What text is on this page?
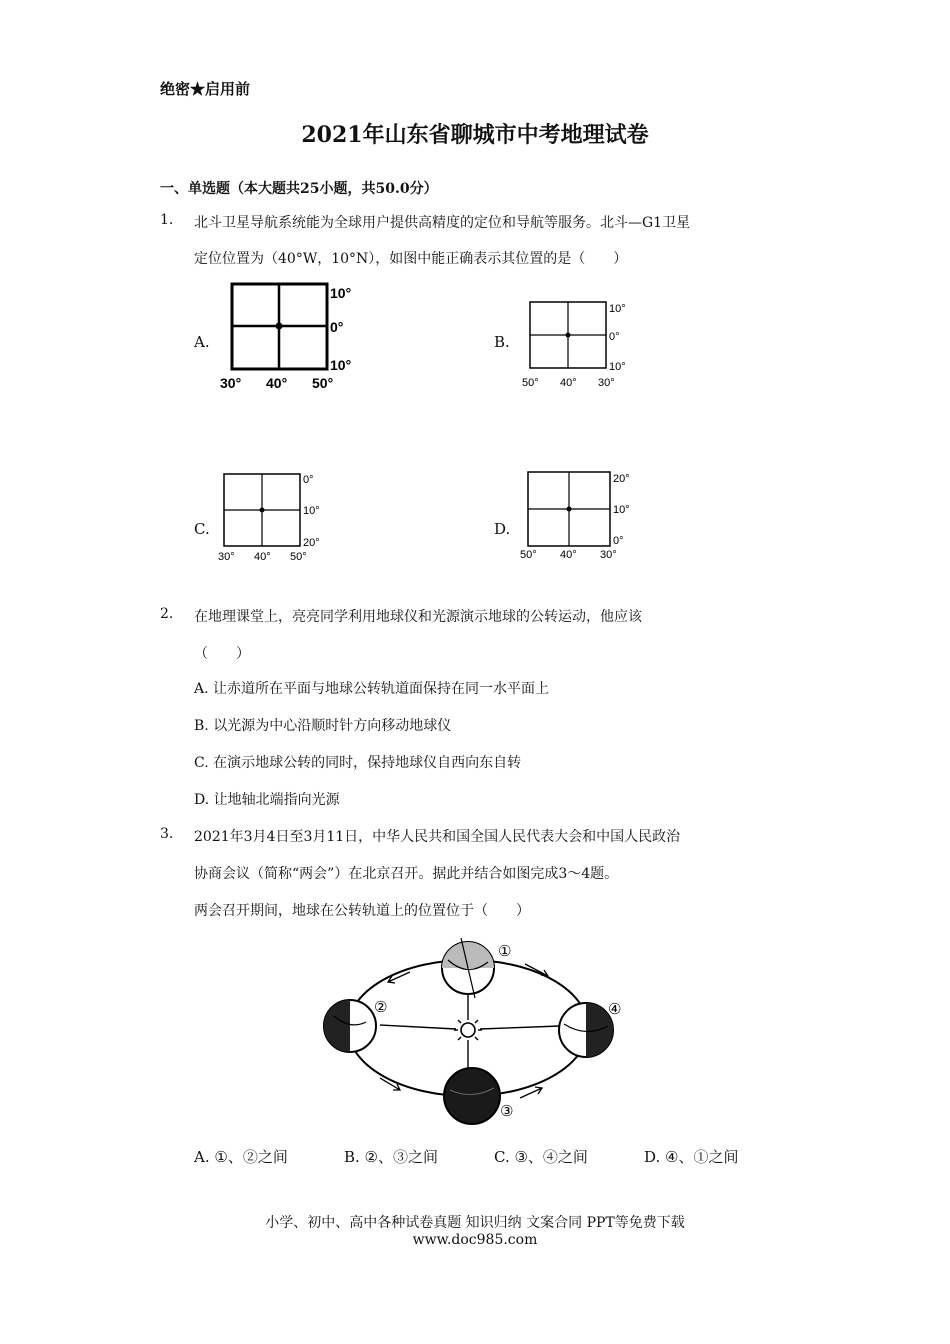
绝密★启用前
2021年山东省聊城市中考地理试卷
一、单选题（本大题共25小题，共50.0分）
1. 北斗卫星导航系统能为全球用户提供高精度的定位和导航等服务。北斗—G1卫星
定位位置为（40°W，10°N），如图中能正确表示其位置的是（　　）
A.
10°
0°
10°
30° 40° 50°
B.
10°
0°
10°
50° 40° 30°
C.
0°
10°
20°
30° 40° 50°
D.
20°
10°
0°
50° 40° 30°
2. 在地理课堂上，亮亮同学利用地球仪和光源演示地球的公转运动，他应该
（　　）
A. 让赤道所在平面与地球公转轨道面保持在同一水平面上
B. 以光源为中心沿顺时针方向移动地球仪
C. 在演示地球公转的同时，保持地球仪自西向东自转
D. 让地轴北端指向光源
3. 2021年3月4日至3月11日，中华人民共和国全国人民代表大会和中国人民政治
协商会议（简称“两会”）在北京召开。据此并结合如图完成3～4题。
两会召开期间，地球在公转轨道上的位置位于（　　）
①
②
③
④
A. ①、②之间	B. ②、③之间	C. ③、④之间	D. ④、①之间
小学、初中、高中各种试卷真题 知识归纳 文案合同 PPT等免费下载
www.doc985.com
